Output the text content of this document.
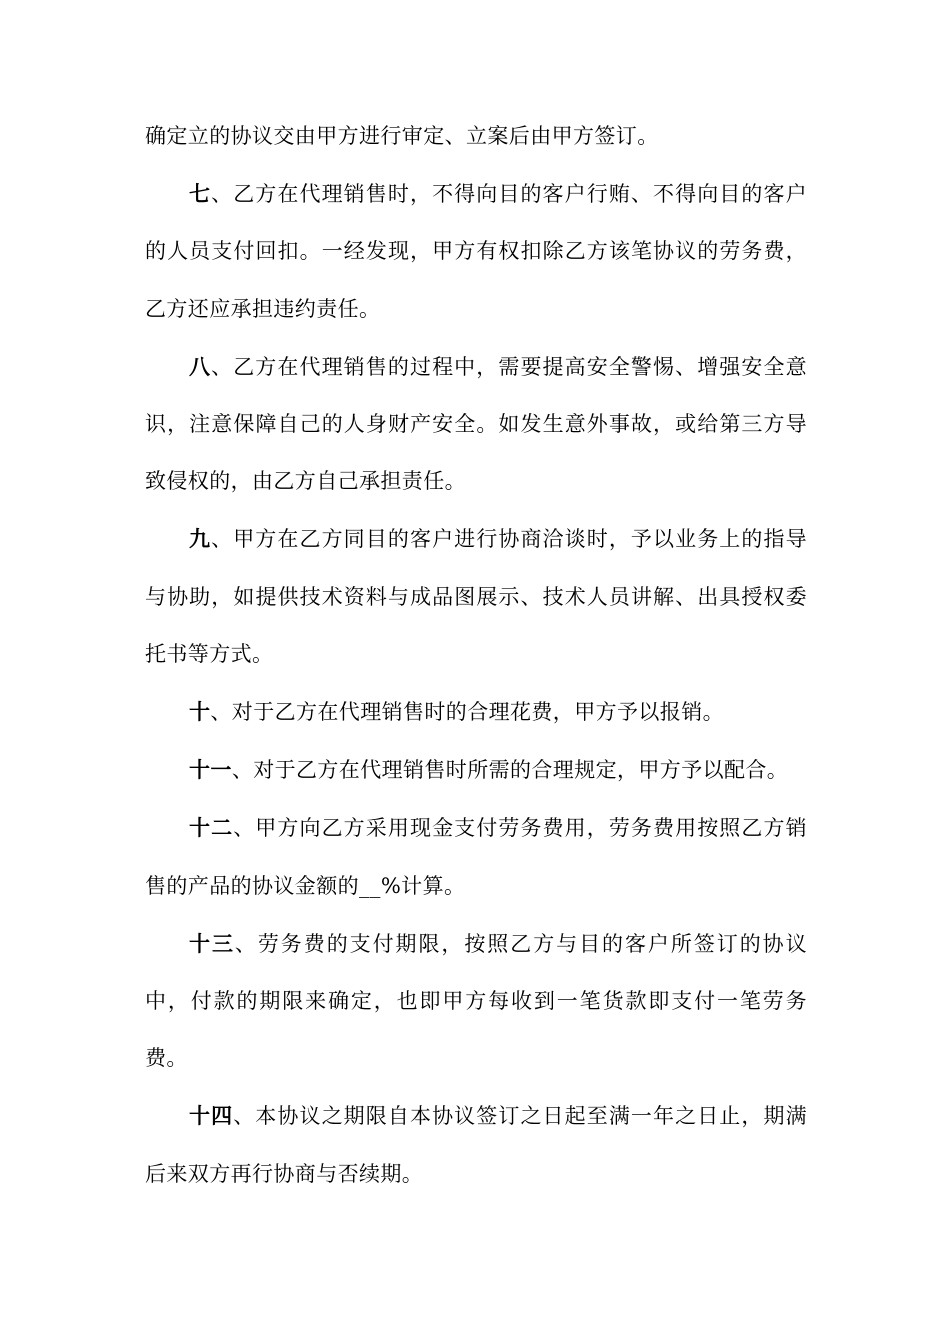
确定立的协议交由甲方进行审定、立案后由甲方签订。

七、乙方在代理销售时，不得向目的客户行贿、不得向目的客户的人员支付回扣。一经发现，甲方有权扣除乙方该笔协议的劳务费，乙方还应承担违约责任。

八、乙方在代理销售的过程中，需要提高安全警惕、增强安全意识，注意保障自己的人身财产安全。如发生意外事故，或给第三方导致侵权的，由乙方自己承担责任。

九、甲方在乙方同目的客户进行协商洽谈时，予以业务上的指导与协助，如提供技术资料与成品图展示、技术人员讲解、出具授权委托书等方式。

十、对于乙方在代理销售时的合理花费，甲方予以报销。

十一、对于乙方在代理销售时所需的合理规定，甲方予以配合。

十二、甲方向乙方采用现金支付劳务费用，劳务费用按照乙方销售的产品的协议金额的__%计算。

十三、劳务费的支付期限，按照乙方与目的客户所签订的协议中，付款的期限来确定，也即甲方每收到一笔货款即支付一笔劳务费。

十四、本协议之期限自本协议签订之日起至满一年之日止，期满后来双方再行协商与否续期。
